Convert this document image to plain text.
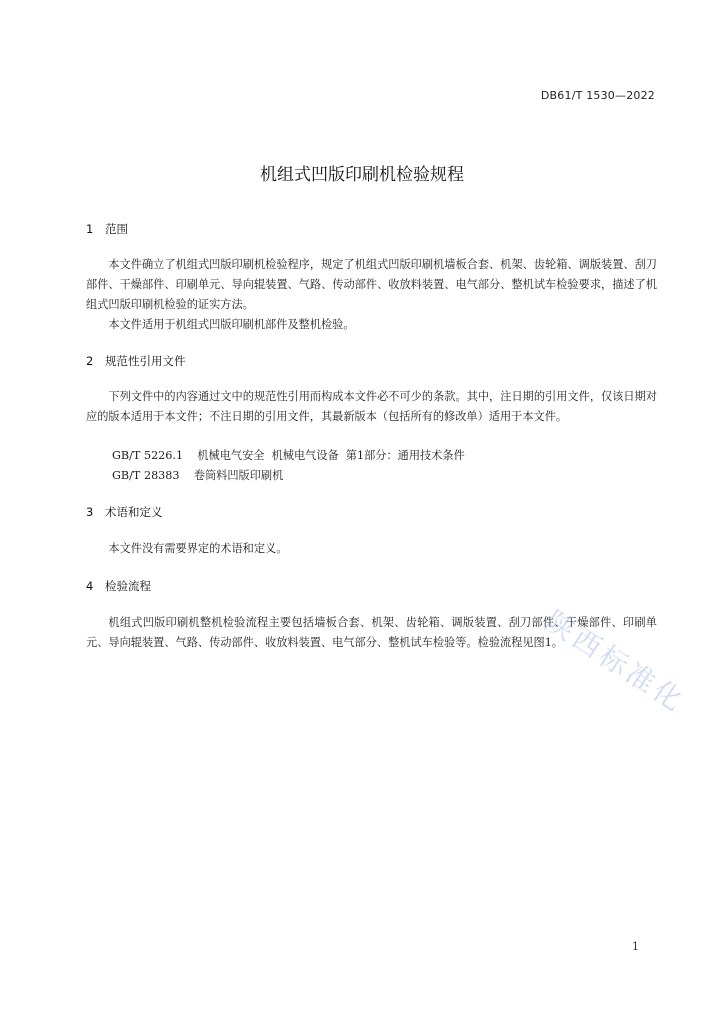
DB61/T 1530—2022
机组式凹版印刷机检验规程
1 范围
本文件确立了机组式凹版印刷机检验程序，规定了机组式凹版印刷机墙板合套、机架、齿轮箱、调版装置、刮刀部件、干燥部件、印刷单元、导向辊装置、气路、传动部件、收放料装置、电气部分、整机试车检验要求，描述了机组式凹版印刷机检验的证实方法。
本文件适用于机组式凹版印刷机部件及整机检验。
2 规范性引用文件
下列文件中的内容通过文中的规范性引用而构成本文件必不可少的条款。其中，注日期的引用文件，仅该日期对应的版本适用于本文件；不注日期的引用文件，其最新版本（包括所有的修改单）适用于本文件。
GB/T 5226.1 机械电气安全  机械电气设备  第1部分：通用技术条件
GB/T 28383 卷筒料凹版印刷机
3 术语和定义
本文件没有需要界定的术语和定义。
4 检验流程
机组式凹版印刷机整机检验流程主要包括墙板合套、机架、齿轮箱、调版装置、刮刀部件、干燥部件、印刷单元、导向辊装置、气路、传动部件、收放料装置、电气部分、整机试车检验等。检验流程见图1。
陕西标准化
1
